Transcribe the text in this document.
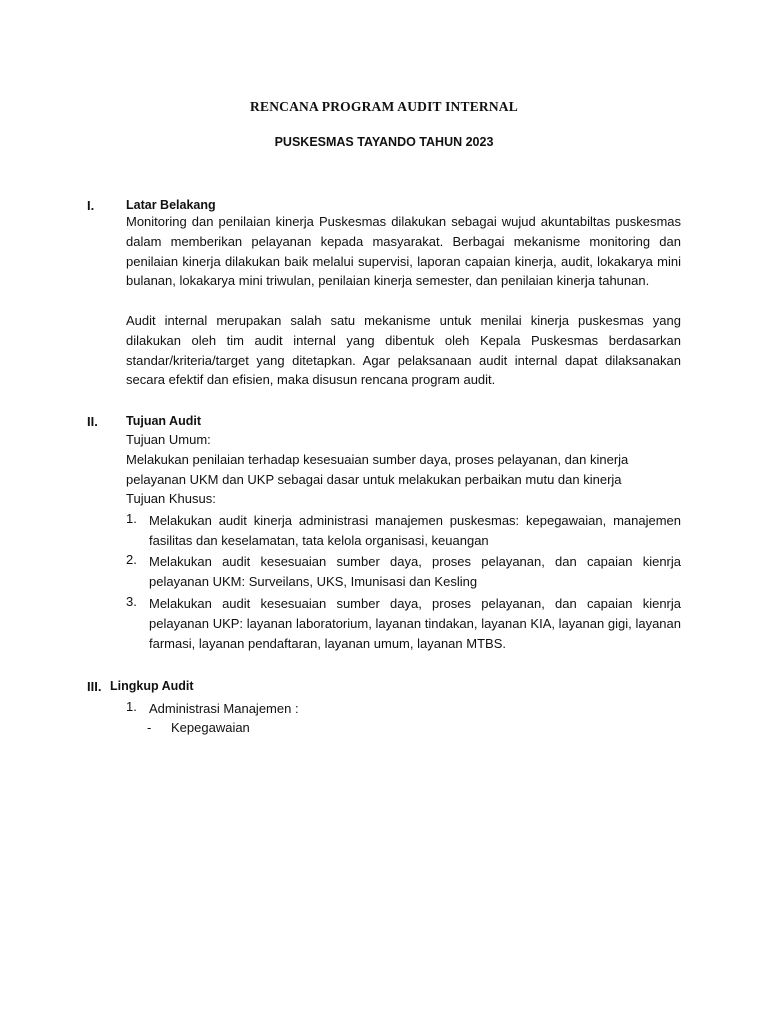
RENCANA PROGRAM AUDIT INTERNAL
PUSKESMAS TAYANDO TAHUN 2023
I.	Latar Belakang
Monitoring dan penilaian kinerja Puskesmas dilakukan sebagai wujud akuntabiltas puskesmas dalam memberikan pelayanan kepada masyarakat. Berbagai mekanisme monitoring dan penilaian kinerja dilakukan baik melalui supervisi, laporan capaian kinerja, audit, lokakarya mini bulanan, lokakarya mini triwulan, penilaian kinerja semester, dan penilaian kinerja tahunan.
Audit internal merupakan salah satu mekanisme untuk menilai kinerja puskesmas yang dilakukan oleh tim audit internal yang dibentuk oleh Kepala Puskesmas berdasarkan standar/kriteria/target yang ditetapkan. Agar pelaksanaan audit internal dapat dilaksanakan secara efektif dan efisien, maka disusun rencana program audit.
II. Tujuan Audit
Tujuan Umum:
Melakukan penilaian terhadap kesesuaian sumber daya, proses pelayanan, dan kinerja
pelayanan UKM dan UKP sebagai dasar untuk melakukan perbaikan mutu dan kinerja
Tujuan Khusus:
1. Melakukan audit kinerja administrasi manajemen puskesmas: kepegawaian, manajemen fasilitas dan keselamatan, tata kelola organisasi, keuangan
2. Melakukan audit kesesuaian sumber daya, proses pelayanan, dan capaian kienrja pelayanan UKM: Surveilans, UKS, Imunisasi dan Kesling
3. Melakukan audit kesesuaian sumber daya, proses pelayanan, dan capaian kienrja pelayanan UKP: layanan laboratorium, layanan tindakan, layanan KIA, layanan gigi, layanan farmasi, layanan pendaftaran, layanan umum, layanan MTBS.
III. Lingkup Audit
1. Administrasi Manajemen :
- Kepegawaian
